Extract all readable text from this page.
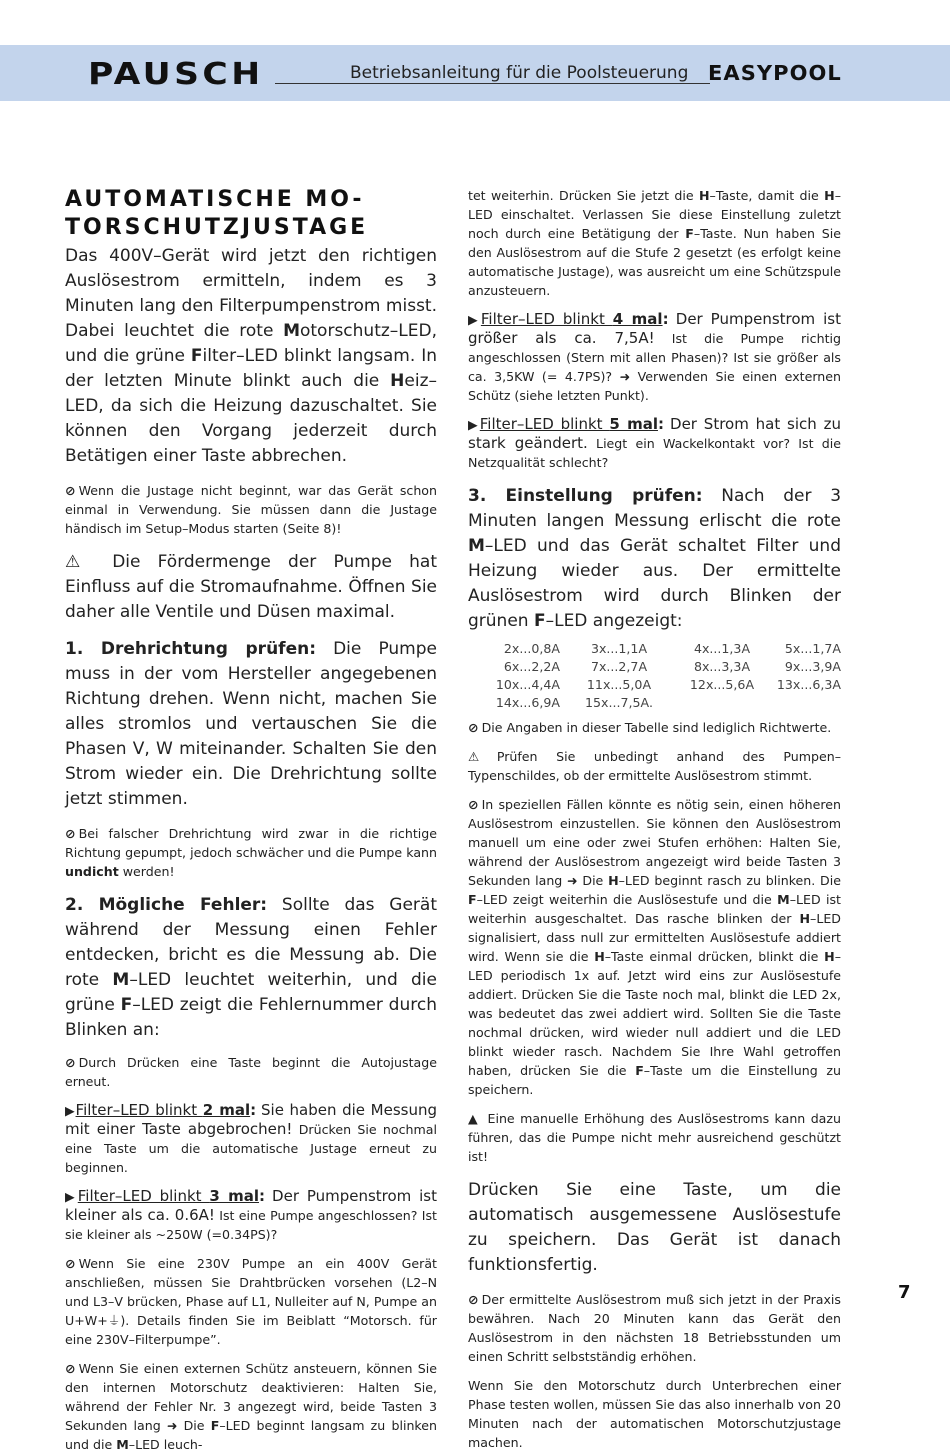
PAUSCH	Betriebsanleitung für die Poolsteuerung EASYPOOL
AUTOMATISCHE MO-
TORSCHUTZJUSTAGE

Das 400V–Gerät wird jetzt den richtigen Auslösestrom ermitteln, indem es 3 Minuten lang den Filterpumpenstrom misst. Dabei leuchtet die rote Motorschutz–LED, und die grüne Filter–LED blinkt langsam. In der letzten Minute blinkt auch die Heiz–LED, da sich die Heizung dazuschaltet. Sie können den Vorgang jederzeit durch Betätigen einer Taste abbrechen.

⊘ Wenn die Justage nicht beginnt, war das Gerät schon einmal in Verwendung. Sie müssen dann die Justage händisch im Setup–Modus starten (Seite 8)!

⚠ Die Fördermenge der Pumpe hat Einfluss auf die Stromaufnahme. Öffnen Sie daher alle Ventile und Düsen maximal.

1. Drehrichtung prüfen: Die Pumpe muss in der vom Hersteller angegebenen Richtung drehen. Wenn nicht, machen Sie alles stromlos und vertauschen Sie die Phasen V, W miteinander. Schalten Sie den Strom wieder ein. Die Drehrichtung sollte jetzt stimmen.

⊘ Bei falscher Drehrichtung wird zwar in die richtige Richtung gepumpt, jedoch schwächer und die Pumpe kann undicht werden!

2. Mögliche Fehler: Sollte das Gerät während der Messung einen Fehler entdecken, bricht es die Messung ab. Die rote M–LED leuchtet weiterhin, und die grüne F–LED zeigt die Fehlernummer durch Blinken an:

⊘ Durch Drücken eine Taste beginnt die Autojustage erneut.

▶Filter–LED blinkt 2 mal: Sie haben die Messung mit einer Taste abgebrochen! Drücken Sie nochmal eine Taste um die automatische Justage erneut zu beginnen.

▶Filter–LED blinkt 3 mal: Der Pumpenstrom ist kleiner als ca. 0.6A! Ist eine Pumpe angeschlossen? Ist sie kleiner als ~250W (=0.34PS)?

⊘ Wenn Sie eine 230V Pumpe an ein 400V Gerät anschließen, müssen Sie Drahtbrücken vorsehen (L2–N und L3–V brücken, Phase auf L1, Nulleiter auf N, Pumpe an U+W+⏚). Details finden Sie im Beiblatt “Motorsch. für eine 230V–Filterpumpe”.

⊘ Wenn Sie einen externen Schütz ansteuern, können Sie den internen Motorschutz deaktivieren: Halten Sie, während der Fehler Nr. 3 angezegt wird, beide Tasten 3 Sekunden lang ➜ Die F–LED beginnt langsam zu blinken und die M–LED leuch-

tet weiterhin. Drücken Sie jetzt die H–Taste, damit die H–LED einschaltet. Verlassen Sie diese Einstellung zuletzt noch durch eine Betätigung der F–Taste. Nun haben Sie den Auslösestrom auf die Stufe 2 gesetzt (es erfolgt keine automatische Justage), was ausreicht um eine Schützspule anzusteuern.

▶Filter–LED blinkt 4 mal: Der Pumpenstrom ist größer als ca. 7,5A! Ist die Pumpe richtig angeschlossen (Stern mit allen Phasen)? Ist sie größer als ca. 3,5KW (= 4.7PS)? ➜ Verwenden Sie einen externen Schütz (siehe letzten Punkt).

▶Filter–LED blinkt 5 mal: Der Strom hat sich zu stark geändert. Liegt ein Wackelkontakt vor? Ist die Netzqualität schlecht?

3. Einstellung prüfen: Nach der 3 Minuten langen Messung erlischt die rote M–LED und das Gerät schaltet Filter und Heizung wieder aus. Der ermittelte Auslösestrom wird durch Blinken der grünen F–LED angezeigt:

2x...0,8A	3x...1,1A	4x...1,3A	5x...1,7A
6x...2,2A	7x...2,7A	8x...3,3A	9x...3,9A
10x...4,4A	11x...5,0A	12x...5,6A	13x...6,3A
14x...6,9A	15x...7,5A.

⊘ Die Angaben in dieser Tabelle sind lediglich Richtwerte.

⚠ Prüfen Sie unbedingt anhand des Pumpen–Typenschildes, ob der ermittelte Auslösestrom stimmt.

⊘ In speziellen Fällen könnte es nötig sein, einen höheren Auslösestrom einzustellen. Sie können den Auslösestrom manuell um eine oder zwei Stufen erhöhen: Halten Sie, während der Auslösestrom angezeigt wird beide Tasten 3 Sekunden lang ➜ Die H–LED beginnt rasch zu blinken. Die F–LED zeigt weiterhin die Auslösestufe und die M–LED ist weiterhin ausgeschaltet. Das rasche blinken der H–LED signalisiert, dass null zur ermittelten Auslösestufe addiert wird. Wenn sie die H–Taste einmal drücken, blinkt die H–LED periodisch 1x auf. Jetzt wird eins zur Auslösestufe addiert. Drücken Sie die Taste noch mal, blinkt die LED 2x, was bedeutet das zwei addiert wird. Sollten Sie die Taste nochmal drücken, wird wieder null addiert und die LED blinkt wieder rasch. Nachdem Sie Ihre Wahl getroffen haben, drücken Sie die F–Taste um die Einstellung zu speichern.

▲ Eine manuelle Erhöhung des Auslösestroms kann dazu führen, das die Pumpe nicht mehr ausreichend geschützt ist!

Drücken Sie eine Taste, um die automatisch ausgemessene Auslösestufe zu speichern. Das Gerät ist danach funktionsfertig.

⊘ Der ermittelte Auslösestrom muß sich jetzt in der Praxis bewähren. Nach 20 Minuten kann das Gerät den Auslösestrom in den nächsten 18 Betriebsstunden um einen Schritt selbstständig erhöhen.

Wenn Sie den Motorschutz durch Unterbrechen einer Phase testen wollen, müssen Sie das also innerhalb von 20 Minuten nach der automatischen Motorschutzjustage machen.

7
